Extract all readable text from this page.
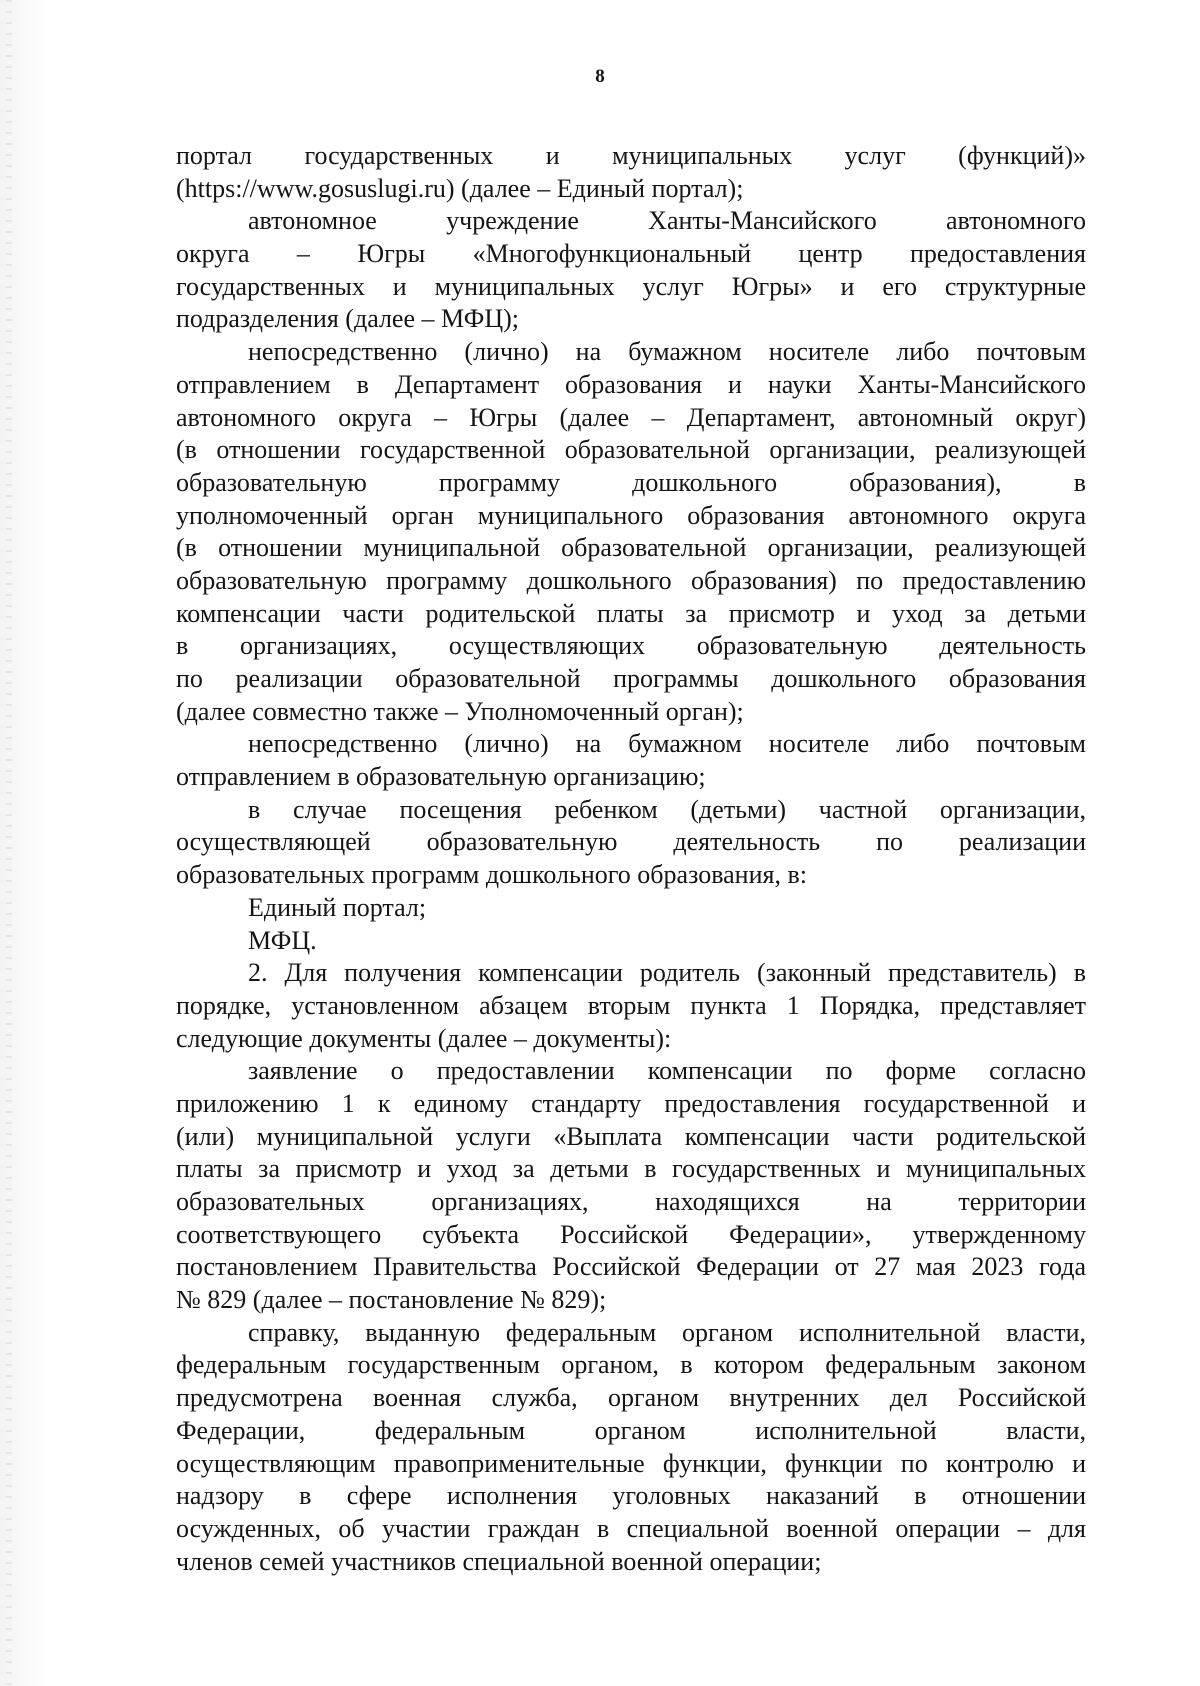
8
портал государственных и муниципальных услуг (функций)»
(https://www.gosuslugi.ru) (далее – Единый портал);
автономное учреждение Ханты-Мансийского автономного
округа – Югры «Многофункциональный центр предоставления
государственных и муниципальных услуг Югры» и его структурные
подразделения (далее – МФЦ);
непосредственно (лично) на бумажном носителе либо почтовым
отправлением в Департамент образования и науки Ханты-Мансийского
автономного округа – Югры (далее – Департамент, автономный округ)
(в отношении государственной образовательной организации, реализующей
образовательную программу дошкольного образования), в
уполномоченный орган муниципального образования автономного округа
(в отношении муниципальной образовательной организации, реализующей
образовательную программу дошкольного образования) по предоставлению
компенсации части родительской платы за присмотр и уход за детьми
в организациях, осуществляющих образовательную деятельность
по реализации образовательной программы дошкольного образования
(далее совместно также – Уполномоченный орган);
непосредственно (лично) на бумажном носителе либо почтовым
отправлением в образовательную организацию;
в случае посещения ребенком (детьми) частной организации,
осуществляющей образовательную деятельность по реализации
образовательных программ дошкольного образования, в:
Единый портал;
МФЦ.
2. Для получения компенсации родитель (законный представитель) в
порядке, установленном абзацем вторым пункта 1 Порядка, представляет
следующие документы (далее – документы):
заявление о предоставлении компенсации по форме согласно
приложению 1 к единому стандарту предоставления государственной и
(или) муниципальной услуги «Выплата компенсации части родительской
платы за присмотр и уход за детьми в государственных и муниципальных
образовательных организациях, находящихся на территории
соответствующего субъекта Российской Федерации», утвержденному
постановлением Правительства Российской Федерации от 27 мая 2023 года
№ 829 (далее – постановление № 829);
справку, выданную федеральным органом исполнительной власти,
федеральным государственным органом, в котором федеральным законом
предусмотрена военная служба, органом внутренних дел Российской
Федерации, федеральным органом исполнительной власти,
осуществляющим правоприменительные функции, функции по контролю и
надзору в сфере исполнения уголовных наказаний в отношении
осужденных, об участии граждан в специальной военной операции – для
членов семей участников специальной военной операции;
